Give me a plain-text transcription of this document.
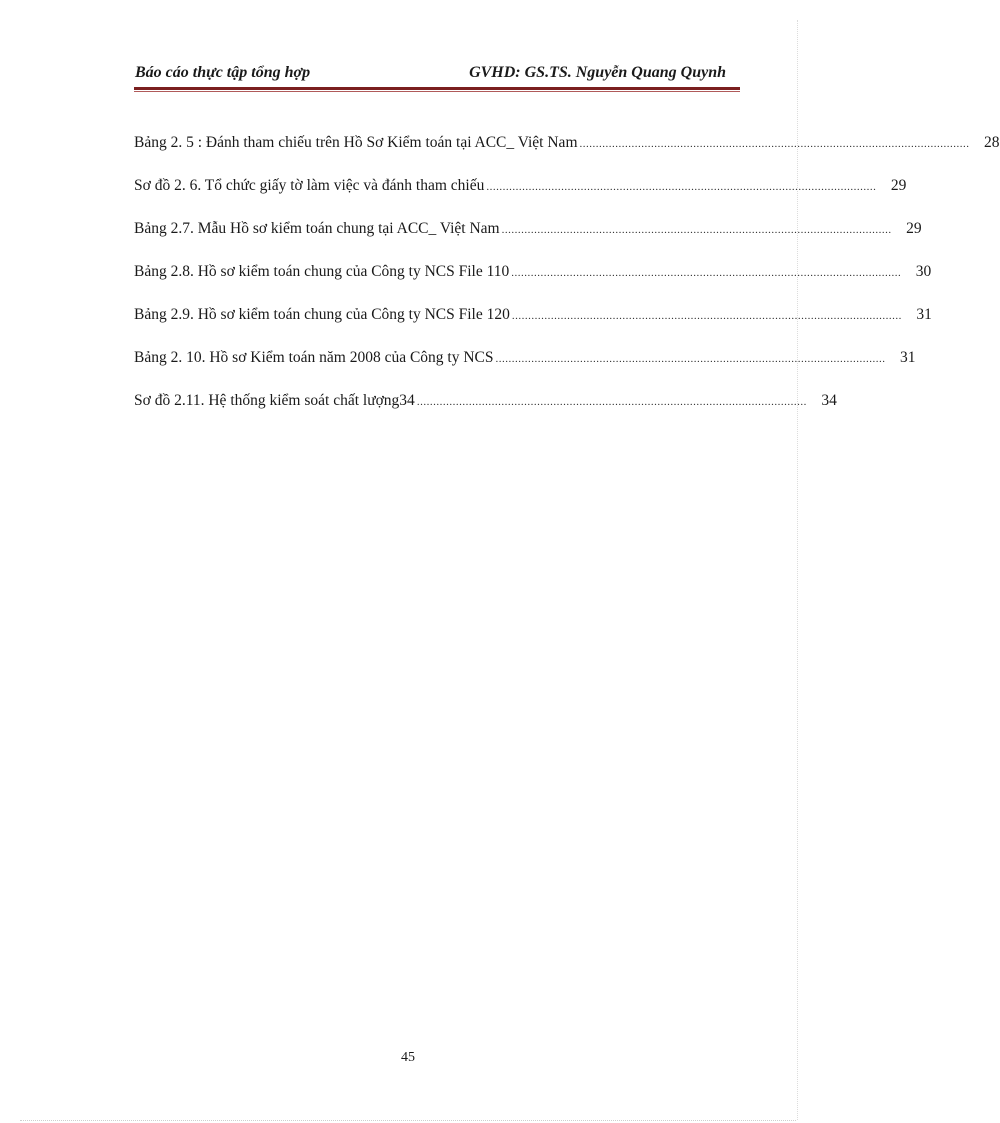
Báo cáo thực tập tổng hợp	GVHD: GS.TS. Nguyễn Quang Quynh
Bảng 2. 5 : Đánh tham chiếu trên Hồ Sơ Kiểm toán tại ACC_ Việt Nam ........................................................................................................................ 28
Sơ đồ 2. 6. Tổ chức giấy tờ làm việc và đánh tham chiếu ........................................................................................................................ 29
Bảng 2.7. Mẫu Hồ sơ kiểm toán chung tại ACC_ Việt Nam ........................................................................................................................ 29
Bảng 2.8. Hồ sơ kiểm toán chung của Công ty NCS File 110 ........................................................................................................................ 30
Bảng 2.9. Hồ sơ kiểm toán chung của Công ty NCS File 120 ........................................................................................................................ 31
Bảng 2. 10. Hồ sơ Kiểm toán năm 2008 của Công ty NCS ........................................................................................................................ 31
Sơ đồ 2.11. Hệ thống kiểm soát chất lượng34 ........................................................................................................................ 34
45
